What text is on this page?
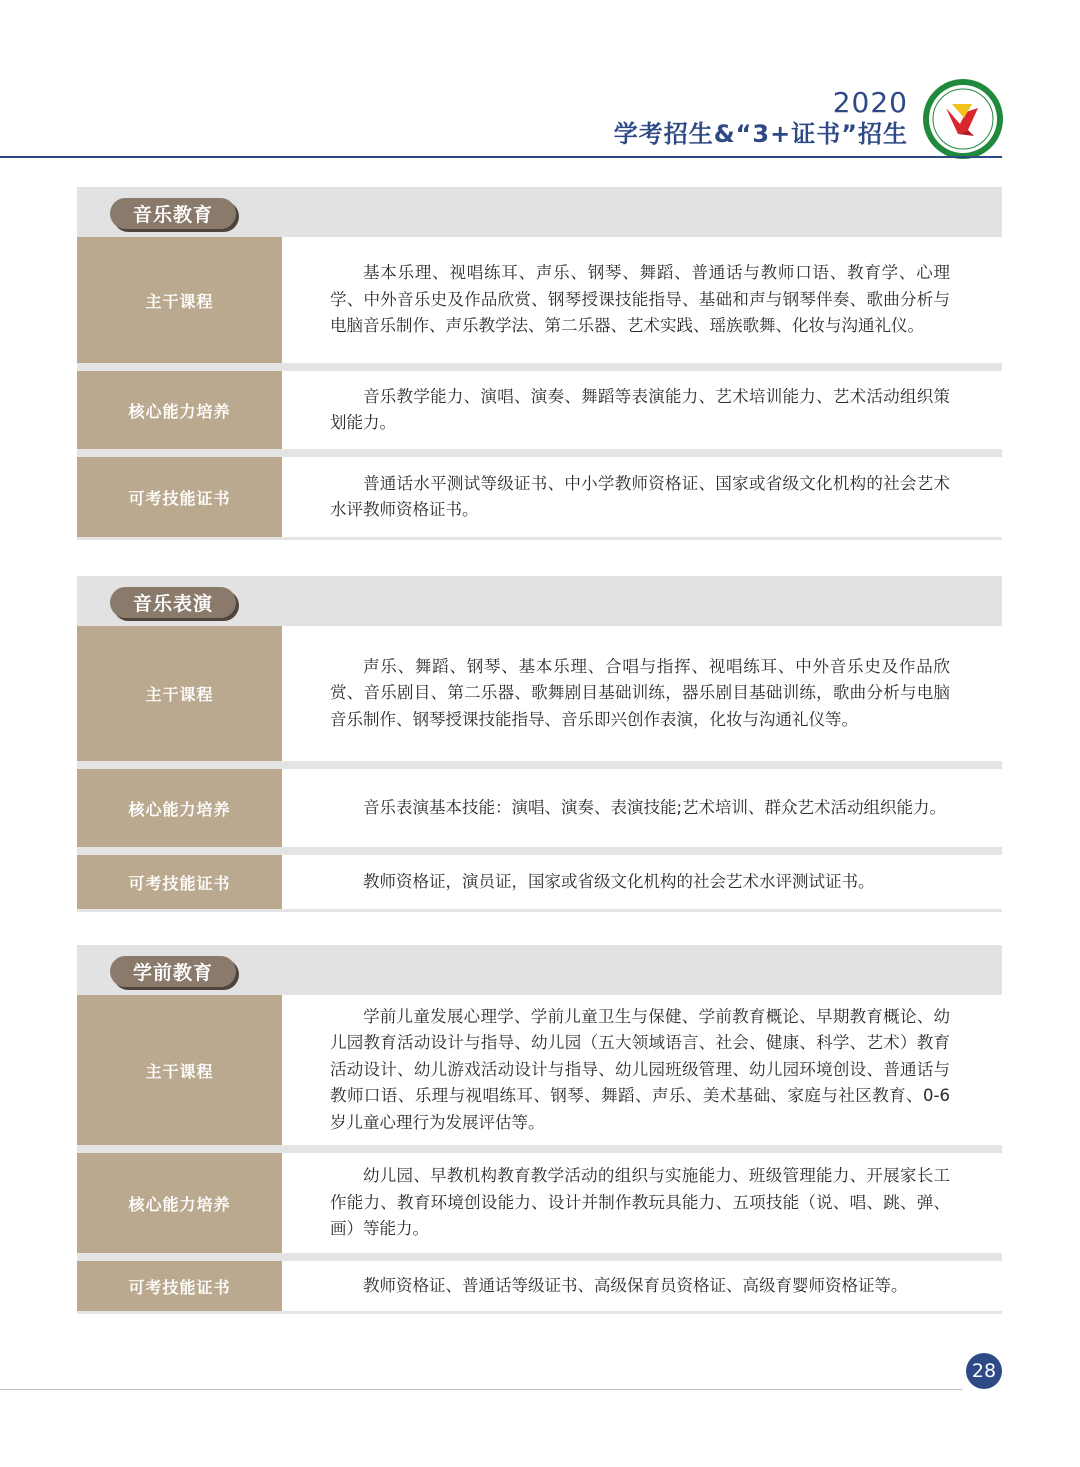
2020
学考招生&“3+证书”招生
音乐教育
主干课程
基本乐理、视唱练耳、声乐、钢琴、舞蹈、普通话与教师口语、教育学、心理学、中外音乐史及作品欣赏、钢琴授课技能指导、基础和声与钢琴伴奏、歌曲分析与电脑音乐制作、声乐教学法、第二乐器、艺术实践、瑶族歌舞、化妆与沟通礼仪。
核心能力培养
音乐教学能力、演唱、演奏、舞蹈等表演能力、艺术培训能力、艺术活动组织策划能力。
可考技能证书
普通话水平测试等级证书、中小学教师资格证、国家或省级文化机构的社会艺术水评教师资格证书。
音乐表演
主干课程
声乐、舞蹈、钢琴、基本乐理、合唱与指挥、视唱练耳、中外音乐史及作品欣赏、音乐剧目、第二乐器、歌舞剧目基础训练，器乐剧目基础训练，歌曲分析与电脑音乐制作、钢琴授课技能指导、音乐即兴创作表演，化妆与沟通礼仪等。
核心能力培养	音乐表演基本技能：演唱、演奏、表演技能;艺术培训、群众艺术活动组织能力。
可考技能证书	教师资格证，演员证，国家或省级文化机构的社会艺术水评测试证书。
学前教育
主干课程
学前儿童发展心理学、学前儿童卫生与保健、学前教育概论、早期教育概论、幼儿园教育活动设计与指导、幼儿园（五大领域语言、社会、健康、科学、艺术）教育活动设计、幼儿游戏活动设计与指导、幼儿园班级管理、幼儿园环境创设、普通话与教师口语、乐理与视唱练耳、钢琴、舞蹈、声乐、美术基础、家庭与社区教育、0-6岁儿童心理行为发展评估等。
核心能力培养
幼儿园、早教机构教育教学活动的组织与实施能力、班级管理能力、开展家长工作能力、教育环境创设能力、设计并制作教玩具能力、五项技能（说、唱、跳、弹、画）等能力。
可考技能证书	教师资格证、普通话等级证书、高级保育员资格证、高级育婴师资格证等。
28
